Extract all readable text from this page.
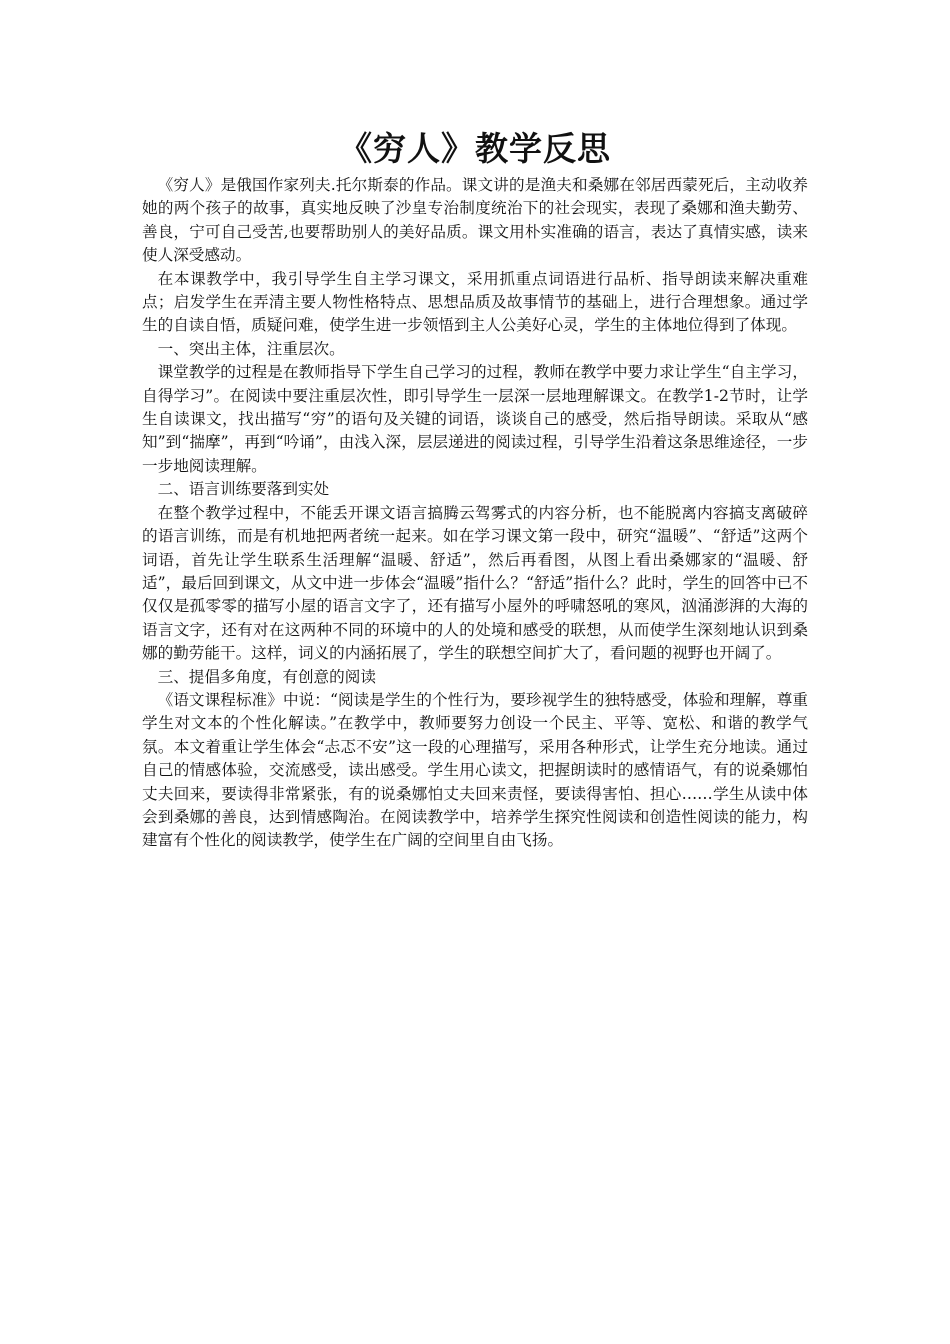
《穷人》教学反思

《穷人》是俄国作家列夫.托尔斯泰的作品。课文讲的是渔夫和桑娜在邻居西蒙死后，主动收养她的两个孩子的故事，真实地反映了沙皇专治制度统治下的社会现实，表现了桑娜和渔夫勤劳、善良，宁可自己受苦,也要帮助别人的美好品质。课文用朴实准确的语言，表达了真情实感，读来使人深受感动。

在本课教学中，我引导学生自主学习课文，采用抓重点词语进行品析、指导朗读来解决重难点；启发学生在弄清主要人物性格特点、思想品质及故事情节的基础上，进行合理想象。通过学生的自读自悟，质疑问难，使学生进一步领悟到主人公美好心灵，学生的主体地位得到了体现。

一、突出主体，注重层次。

课堂教学的过程是在教师指导下学生自己学习的过程，教师在教学中要力求让学生“自主学习，自得学习”。在阅读中要注重层次性，即引导学生一层深一层地理解课文。在教学1-2节时，让学生自读课文，找出描写“穷”的语句及关键的词语，谈谈自己的感受，然后指导朗读。采取从“感知”到“揣摩”，再到“吟诵”，由浅入深，层层递进的阅读过程，引导学生沿着这条思维途径，一步一步地阅读理解。

二、语言训练要落到实处

在整个教学过程中，不能丢开课文语言搞腾云驾雾式的内容分析，也不能脱离内容搞支离破碎的语言训练，而是有机地把两者统一起来。如在学习课文第一段中，研究“温暖”、“舒适”这两个词语，首先让学生联系生活理解“温暖、舒适”，然后再看图，从图上看出桑娜家的“温暖、舒适”，最后回到课文，从文中进一步体会“温暖”指什么？“舒适”指什么？此时，学生的回答中已不仅仅是孤零零的描写小屋的语言文字了，还有描写小屋外的呼啸怒吼的寒风，汹涌澎湃的大海的语言文字，还有对在这两种不同的环境中的人的处境和感受的联想，从而使学生深刻地认识到桑娜的勤劳能干。这样，词义的内涵拓展了，学生的联想空间扩大了，看问题的视野也开阔了。

三、提倡多角度，有创意的阅读

《语文课程标准》中说：“阅读是学生的个性行为，要珍视学生的独特感受，体验和理解，尊重学生对文本的个性化解读。”在教学中，教师要努力创设一个民主、平等、宽松、和谐的教学气氛。本文着重让学生体会“忐忑不安”这一段的心理描写，采用各种形式，让学生充分地读。通过自己的情感体验，交流感受，读出感受。学生用心读文，把握朗读时的感情语气，有的说桑娜怕丈夫回来，要读得非常紧张，有的说桑娜怕丈夫回来责怪，要读得害怕、担心……学生从读中体会到桑娜的善良，达到情感陶治。在阅读教学中，培养学生探究性阅读和创造性阅读的能力，构建富有个性化的阅读教学，使学生在广阔的空间里自由飞扬。
